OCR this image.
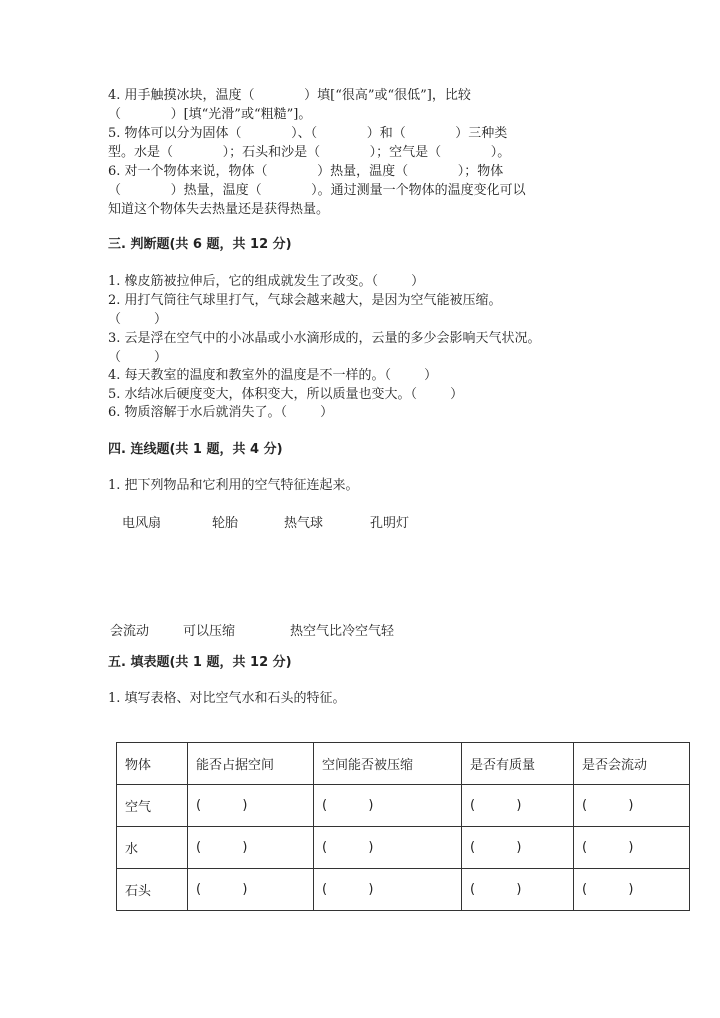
4. 用手触摸冰块，温度（            ）填[“很高”或“很低”]，比较
（            ）[填“光滑”或“粗糙”]。
5. 物体可以分为固体（            ）、（            ）和（            ）三种类
型。水是（            ）；石头和沙是（            ）；空气是（            ）。
6. 对一个物体来说，物体（            ）热量，温度（            ）；物体
（            ）热量，温度（            ）。通过测量一个物体的温度变化可以
知道这个物体失去热量还是获得热量。
三. 判断题(共 6 题，共 12 分)
1. 橡皮筋被拉伸后，它的组成就发生了改变。（        ）
2. 用打气筒往气球里打气，气球会越来越大，是因为空气能被压缩。
（        ）
3. 云是浮在空气中的小冰晶或小水滴形成的，云量的多少会影响天气状况。
（        ）
4. 每天教室的温度和教室外的温度是不一样的。（        ）
5. 水结冰后硬度变大，体积变大，所以质量也变大。（        ）
6. 物质溶解于水后就消失了。（        ）
四. 连线题(共 1 题，共 4 分)
1. 把下列物品和它利用的空气特征连起来。
电风扇	轮胎	热气球	孔明灯
会流动	可以压缩	热空气比冷空气轻
五. 填表题(共 1 题，共 12 分)
1. 填写表格、对比空气水和石头的特征。
物体	能否占据空间	空间能否被压缩	是否有质量	是否会流动
空气	(          )	(          )	(          )	(          )
水	(          )	(          )	(          )	(          )
石头	(          )	(          )	(          )	(          )
